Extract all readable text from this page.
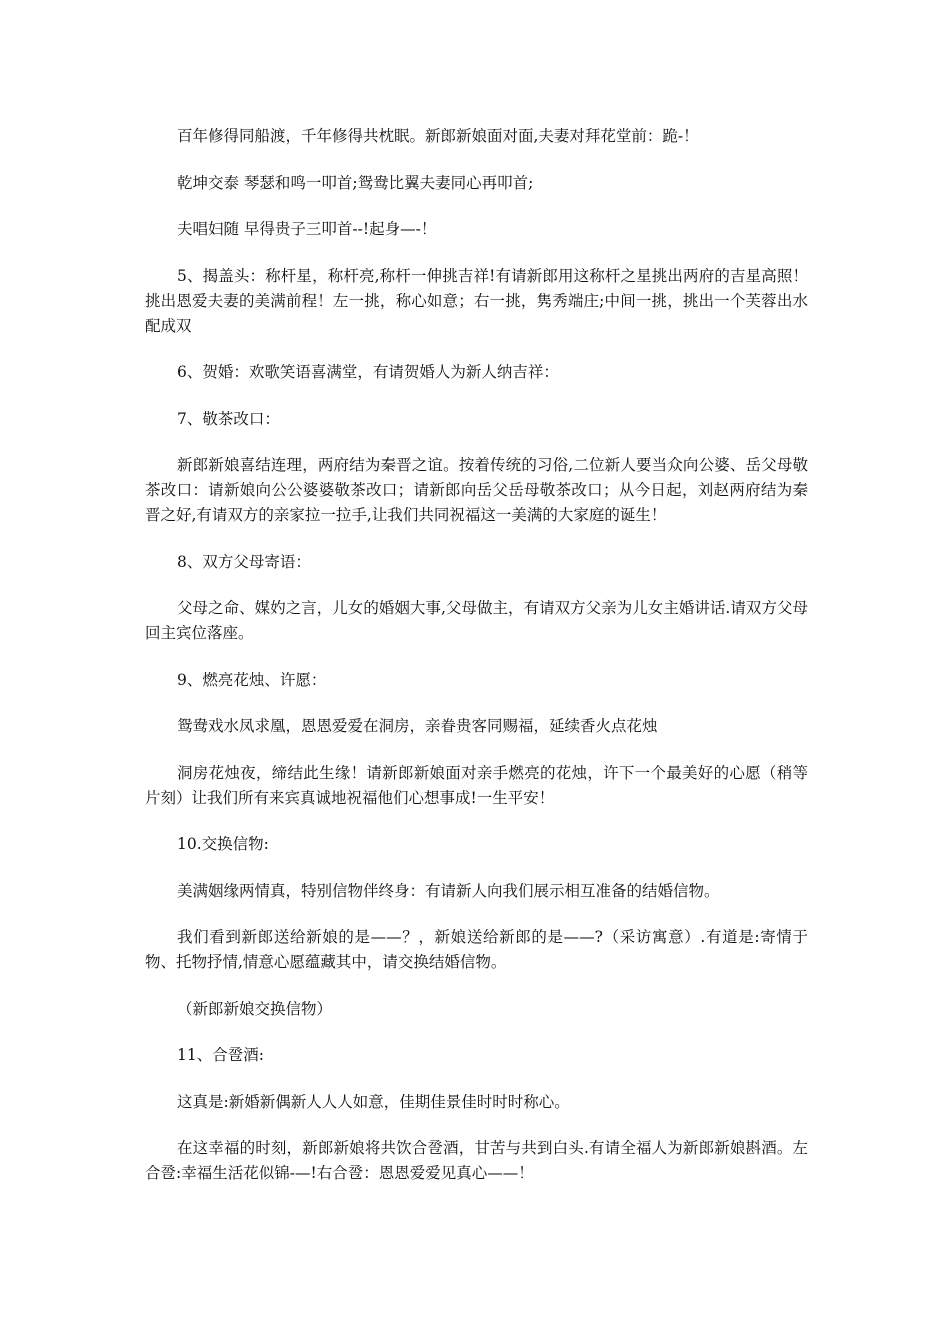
百年修得同船渡，千年修得共枕眠。新郎新娘面对面,夫妻对拜花堂前：跪-！

乾坤交泰 琴瑟和鸣一叩首;鸳鸯比翼夫妻同心再叩首;

夫唱妇随 早得贵子三叩首--!起身—-！

5、揭盖头：称杆星，称杆亮,称杆一伸挑吉祥!有请新郎用这称杆之星挑出两府的吉星高照！挑出恩爱夫妻的美满前程！左一挑，称心如意；右一挑，隽秀端庄;中间一挑，挑出一个芙蓉出水配成双

6、贺婚：欢歌笑语喜满堂，有请贺婚人为新人纳吉祥：

7、敬茶改口：

新郎新娘喜结连理，两府结为秦晋之谊。按着传统的习俗,二位新人要当众向公婆、岳父母敬茶改口：请新娘向公公婆婆敬茶改口；请新郎向岳父岳母敬茶改口；从今日起，刘赵两府结为秦晋之好,有请双方的亲家拉一拉手,让我们共同祝福这一美满的大家庭的诞生！

8、双方父母寄语：

父母之命、媒妁之言，儿女的婚姻大事,父母做主，有请双方父亲为儿女主婚讲话.请双方父母回主宾位落座。

9、燃亮花烛、许愿：

鸳鸯戏水凤求凰，恩恩爱爱在洞房，亲眷贵客同赐福，延续香火点花烛

洞房花烛夜，缔结此生缘！请新郎新娘面对亲手燃亮的花烛，许下一个最美好的心愿（稍等片刻）让我们所有来宾真诚地祝福他们心想事成!一生平安！

10.交换信物:

美满姻缘两情真，特别信物伴终身：有请新人向我们展示相互准备的结婚信物。

我们看到新郎送给新娘的是——？，新娘送给新郎的是——?（采访寓意）.有道是:寄情于物、托物抒情,情意心愿蕴藏其中，请交换结婚信物。

（新郎新娘交换信物）

11、合卺酒:

这真是:新婚新偶新人人人如意，佳期佳景佳时时时称心。

在这幸福的时刻，新郎新娘将共饮合卺酒，甘苦与共到白头.有请全福人为新郎新娘斟酒。左合卺:幸福生活花似锦-—!右合卺：恩恩爱爱见真心——！
